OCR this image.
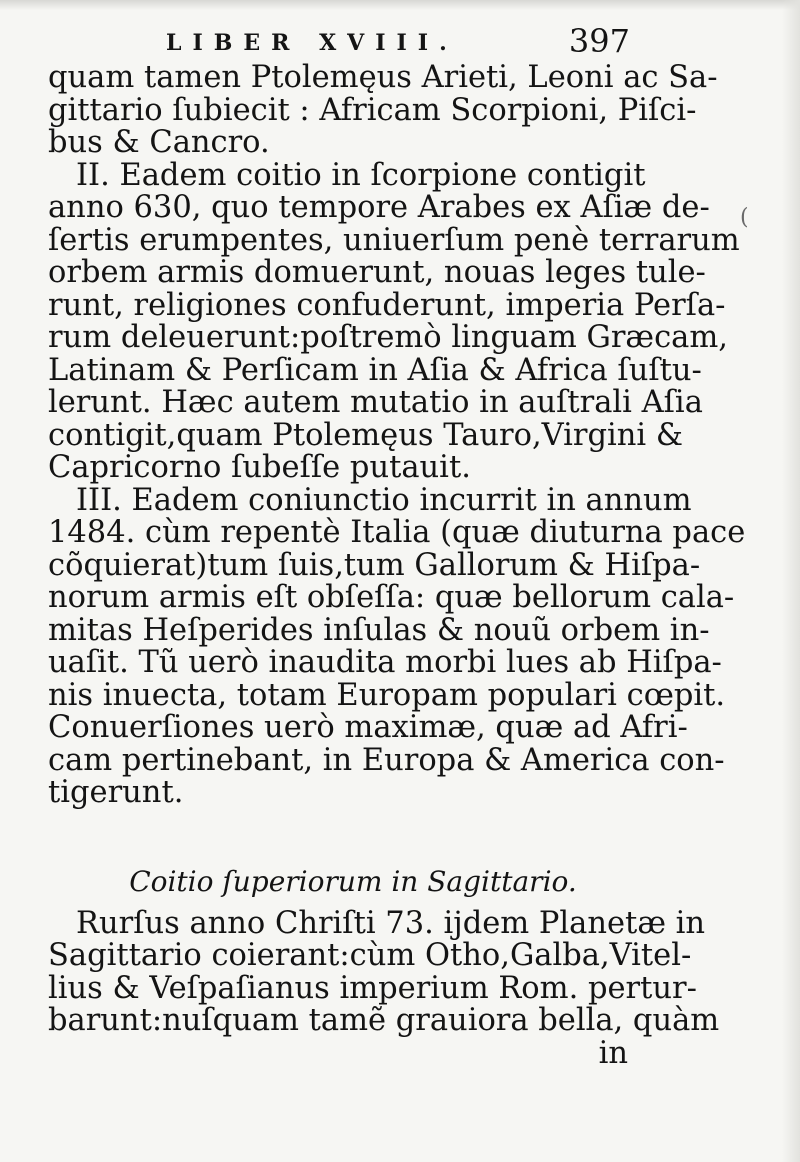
LIBER XVIII.	397
(
quam tamen Ptolemęus Arieti, Leoni ac Sa-
gittario ſubiecit : Africam Scorpioni, Piſci-
bus & Cancro.
II. Eadem coitio in ſcorpione contigit
anno 630, quo tempore Arabes ex Aſiæ de-
ſertis erumpentes, uniuerſum penè terrarum
orbem armis domuerunt, nouas leges tule-
runt, religiones confuderunt, imperia Perſa-
rum deleuerunt:poſtremò linguam Græcam,
Latinam & Perſicam in Aſia & Africa ſuſtu-
lerunt. Hæc autem mutatio in auſtrali Aſia
contigit,quam Ptolemęus Tauro,Virgini &
Capricorno ſubeſſe putauit.
III. Eadem coniunctio incurrit in annum
1484. cùm repentè Italia (quæ diuturna pace
cõquierat)tum ſuis,tum Gallorum & Hiſpa-
norum armis eſt obſeſſa: quæ bellorum cala-
mitas Heſperides inſulas & nouũ orbem in-
uaſit. Tũ uerò inaudita morbi lues ab Hiſpa-
nis inuecta, totam Europam populari cœpit.
Conuerſiones uerò maximæ, quæ ad Afri-
cam pertinebant, in Europa & America con-
tigerunt.
Coitio ſuperiorum in Sagittario.
Rurſus anno Chriſti 73. ijdem Planetæ in
Sagittario coierant:cùm Otho,Galba,Vitel-
lius & Veſpaſianus imperium Rom. pertur-
barunt:nuſquam tamẽ grauiora bella, quàm
in
